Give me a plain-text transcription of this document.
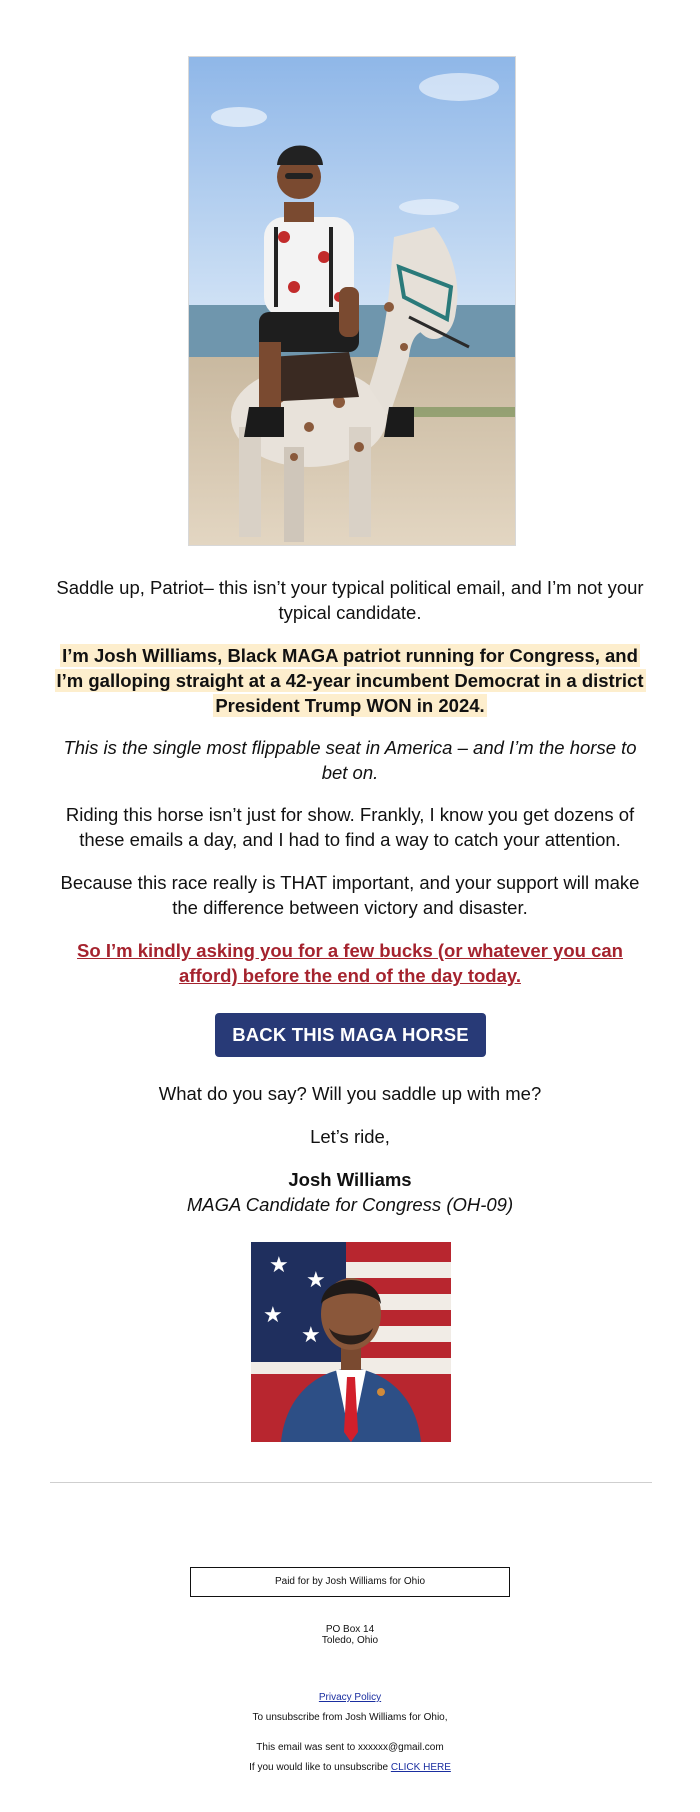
Saddle up, Patriot– this isn’t your typical political email, and I’m not your typical candidate.

I’m Josh Williams, Black MAGA patriot running for Congress, and I’m galloping straight at a 42-year incumbent Democrat in a district President Trump WON in 2024.

This is the single most flippable seat in America – and I’m the horse to bet on.

Riding this horse isn’t just for show. Frankly, I know you get dozens of these emails a day, and I had to find a way to catch your attention.

Because this race really is THAT important, and your support will make the difference between victory and disaster.

So I’m kindly asking you for a few bucks (or whatever you can afford) before the end of the day today.

BACK THIS MAGA HORSE

What do you say? Will you saddle up with me?

Let’s ride,

Josh Williams

MAGA Candidate for Congress (OH-09)

★
★
★
★
Paid for by Josh Williams for Ohio

PO Box 14

Toledo, Ohio

Privacy Policy

To unsubscribe from Josh Williams for Ohio,

This email was sent to xxxxxx@gmail.com

If you would like to unsubscribe CLICK HERE
